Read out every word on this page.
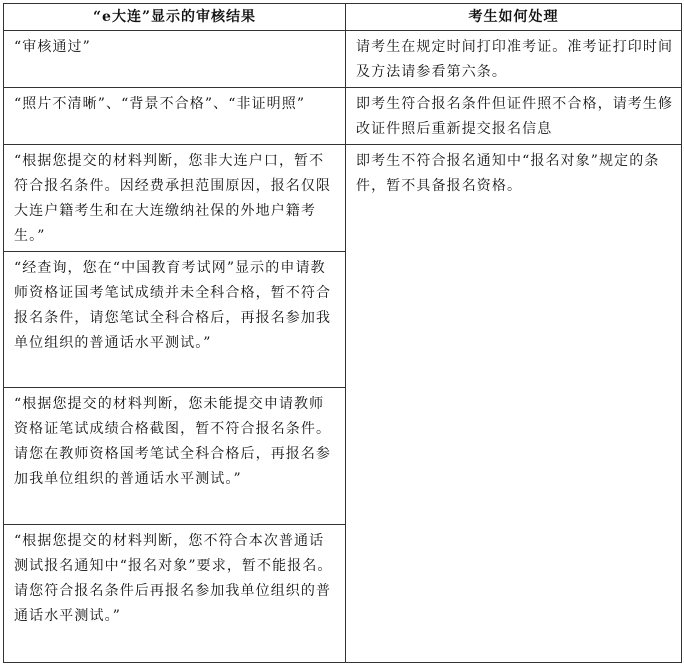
“e大连”显示的审核结果	考生如何处理
“审核通过”	请考生在规定时间打印准考证。准考证打印时间及方法请参看第六条。
“照片不清晰”、“背景不合格”、“非证明照”	即考生符合报名条件但证件照不合格，请考生修改证件照后重新提交报名信息
“根据您提交的材料判断，您非大连户口，暂不符合报名条件。因经费承担范围原因，报名仅限大连户籍考生和在大连缴纳社保的外地户籍考生。”	即考生不符合报名通知中“报名对象”规定的条件，暂不具备报名资格。
“经查询，您在“中国教育考试网”显示的申请教师资格证国考笔试成绩并未全科合格，暂不符合报名条件，请您笔试全科合格后，再报名参加我单位组织的普通话水平测试。”	
“根据您提交的材料判断，您未能提交申请教师资格证笔试成绩合格截图，暂不符合报名条件。请您在教师资格国考笔试全科合格后，再报名参加我单位组织的普通话水平测试。”	
“根据您提交的材料判断，您不符合本次普通话测试报名通知中“报名对象”要求，暂不能报名。请您符合报名条件后再报名参加我单位组织的普通话水平测试。”	
